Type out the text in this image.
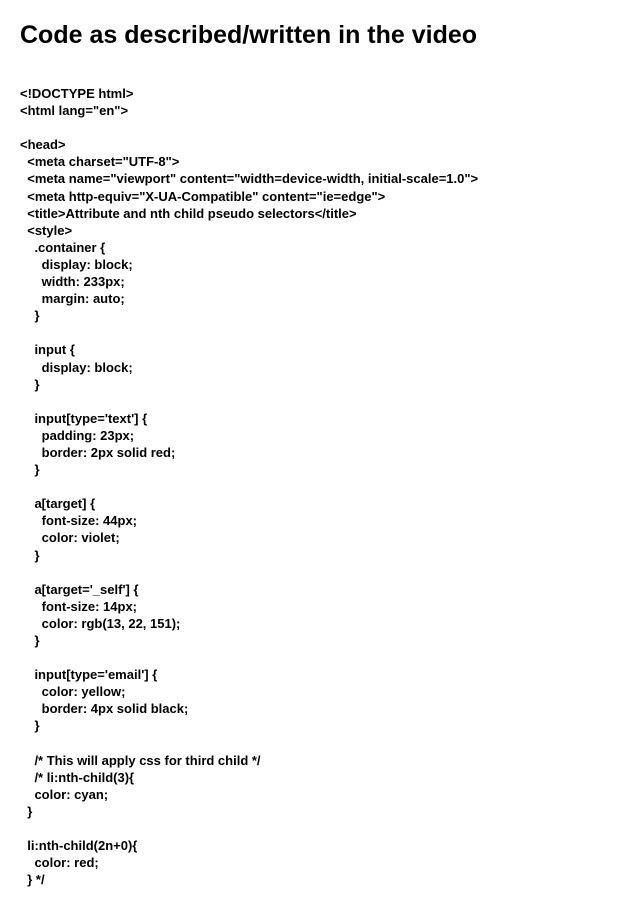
Code as described/written in the video
<!DOCTYPE html>
<html lang="en">
<head>
<meta charset="UTF-8">
<meta name="viewport" content="width=device-width, initial-scale=1.0">
<meta http-equiv="X-UA-Compatible" content="ie=edge">
<title>Attribute and nth child pseudo selectors</title>
<style>
.container {
display: block;
width: 233px;
margin: auto;
}
input {
display: block;
}
input[type='text'] {
padding: 23px;
border: 2px solid red;
}
a[target] {
font-size: 44px;
color: violet;
}
a[target='_self'] {
font-size: 14px;
color: rgb(13, 22, 151);
}
input[type='email'] {
color: yellow;
border: 4px solid black;
}
/* This will apply css for third child */
/* li:nth-child(3){
color: cyan;
}
li:nth-child(2n+0){
color: red;
} */
